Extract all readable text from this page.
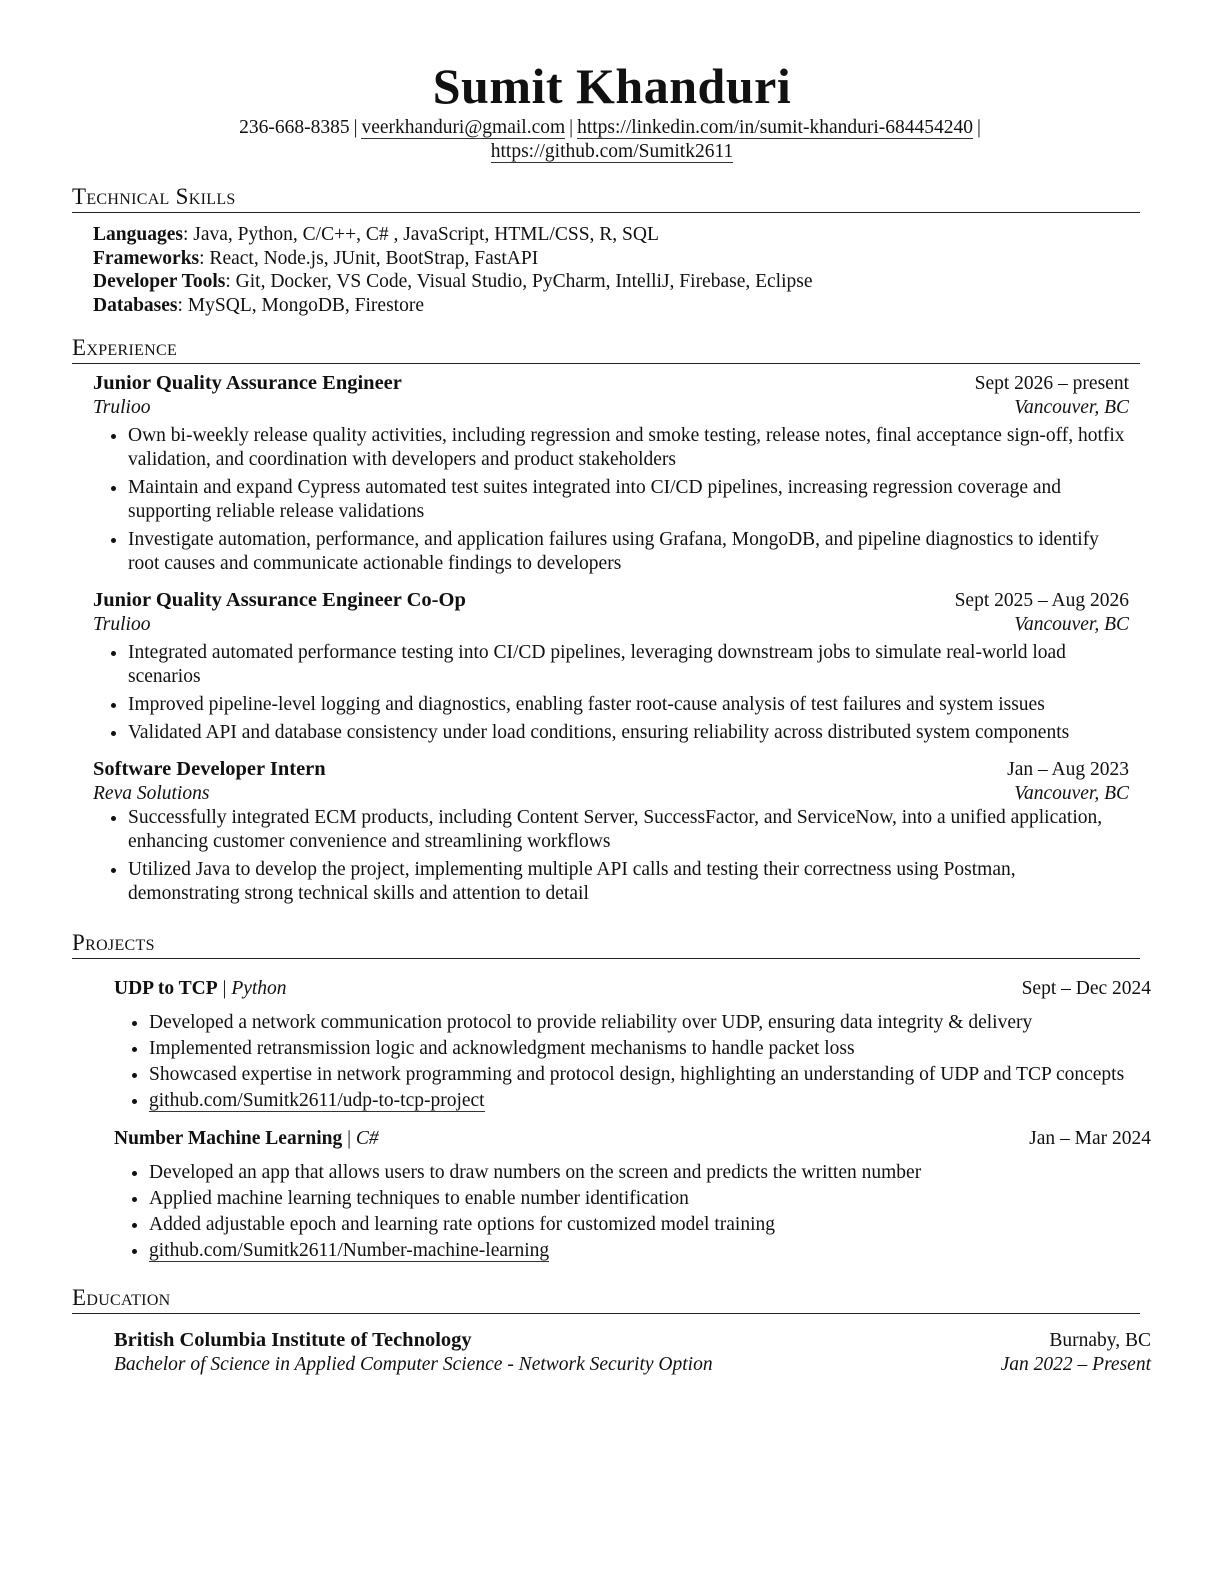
Sumit Khanduri
236-668-8385 | veerkhanduri@gmail.com | https://linkedin.com/in/sumit-khanduri-684454240 |
https://github.com/Sumitk2611
Technical Skills
Languages: Java, Python, C/C++, C# , JavaScript, HTML/CSS, R, SQL
Frameworks: React, Node.js, JUnit, BootStrap, FastAPI
Developer Tools: Git, Docker, VS Code, Visual Studio, PyCharm, IntelliJ, Firebase, Eclipse
Databases: MySQL, MongoDB, Firestore
Experience
Junior Quality Assurance Engineer	Sept 2026 – present
Trulioo	Vancouver, BC
• Own bi-weekly release quality activities, including regression and smoke testing, release notes, final acceptance sign-off, hotfix validation, and coordination with developers and product stakeholders
• Maintain and expand Cypress automated test suites integrated into CI/CD pipelines, increasing regression coverage and supporting reliable release validations
• Investigate automation, performance, and application failures using Grafana, MongoDB, and pipeline diagnostics to identify root causes and communicate actionable findings to developers
Junior Quality Assurance Engineer Co-Op	Sept 2025 – Aug 2026
Trulioo	Vancouver, BC
• Integrated automated performance testing into CI/CD pipelines, leveraging downstream jobs to simulate real-world load scenarios
• Improved pipeline-level logging and diagnostics, enabling faster root-cause analysis of test failures and system issues
• Validated API and database consistency under load conditions, ensuring reliability across distributed system components
Software Developer Intern	Jan – Aug 2023
Reva Solutions	Vancouver, BC
• Successfully integrated ECM products, including Content Server, SuccessFactor, and ServiceNow, into a unified application, enhancing customer convenience and streamlining workflows
• Utilized Java to develop the project, implementing multiple API calls and testing their correctness using Postman, demonstrating strong technical skills and attention to detail
Projects
UDP to TCP | Python	Sept – Dec 2024
• Developed a network communication protocol to provide reliability over UDP, ensuring data integrity & delivery
• Implemented retransmission logic and acknowledgment mechanisms to handle packet loss
• Showcased expertise in network programming and protocol design, highlighting an understanding of UDP and TCP concepts
• github.com/Sumitk2611/udp-to-tcp-project
Number Machine Learning | C#	Jan – Mar 2024
• Developed an app that allows users to draw numbers on the screen and predicts the written number
• Applied machine learning techniques to enable number identification
• Added adjustable epoch and learning rate options for customized model training
• github.com/Sumitk2611/Number-machine-learning
Education
British Columbia Institute of Technology	Burnaby, BC
Bachelor of Science in Applied Computer Science - Network Security Option	Jan 2022 – Present
